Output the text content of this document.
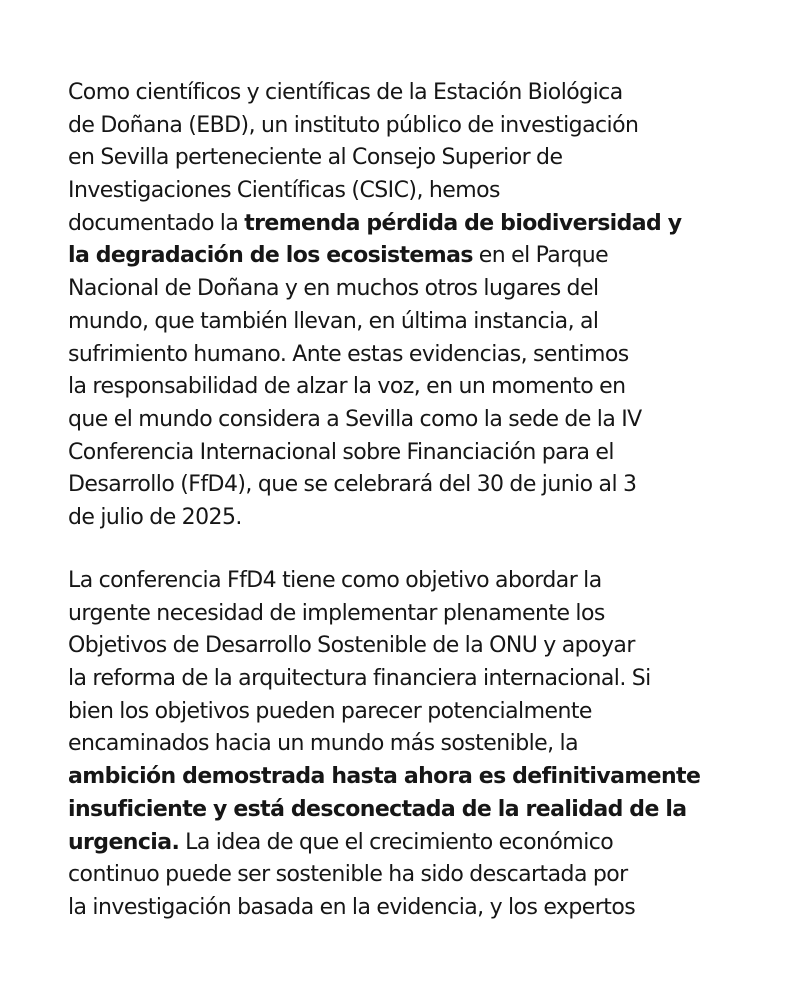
Como científicos y científicas de la Estación Biológica
de Doñana (EBD), un instituto público de investigación
en Sevilla perteneciente al Consejo Superior de
Investigaciones Científicas (CSIC), hemos
documentado la tremenda pérdida de biodiversidad y
la degradación de los ecosistemas en el Parque
Nacional de Doñana y en muchos otros lugares del
mundo, que también llevan, en última instancia, al
sufrimiento humano. Ante estas evidencias, sentimos
la responsabilidad de alzar la voz, en un momento en
que el mundo considera a Sevilla como la sede de la IV
Conferencia Internacional sobre Financiación para el
Desarrollo (FfD4), que se celebrará del 30 de junio al 3
de julio de 2025.
La conferencia FfD4 tiene como objetivo abordar la
urgente necesidad de implementar plenamente los
Objetivos de Desarrollo Sostenible de la ONU y apoyar
la reforma de la arquitectura financiera internacional. Si
bien los objetivos pueden parecer potencialmente
encaminados hacia un mundo más sostenible, la
ambición demostrada hasta ahora es definitivamente
insuficiente y está desconectada de la realidad de la
urgencia. La idea de que el crecimiento económico
continuo puede ser sostenible ha sido descartada por
la investigación basada en la evidencia, y los expertos
